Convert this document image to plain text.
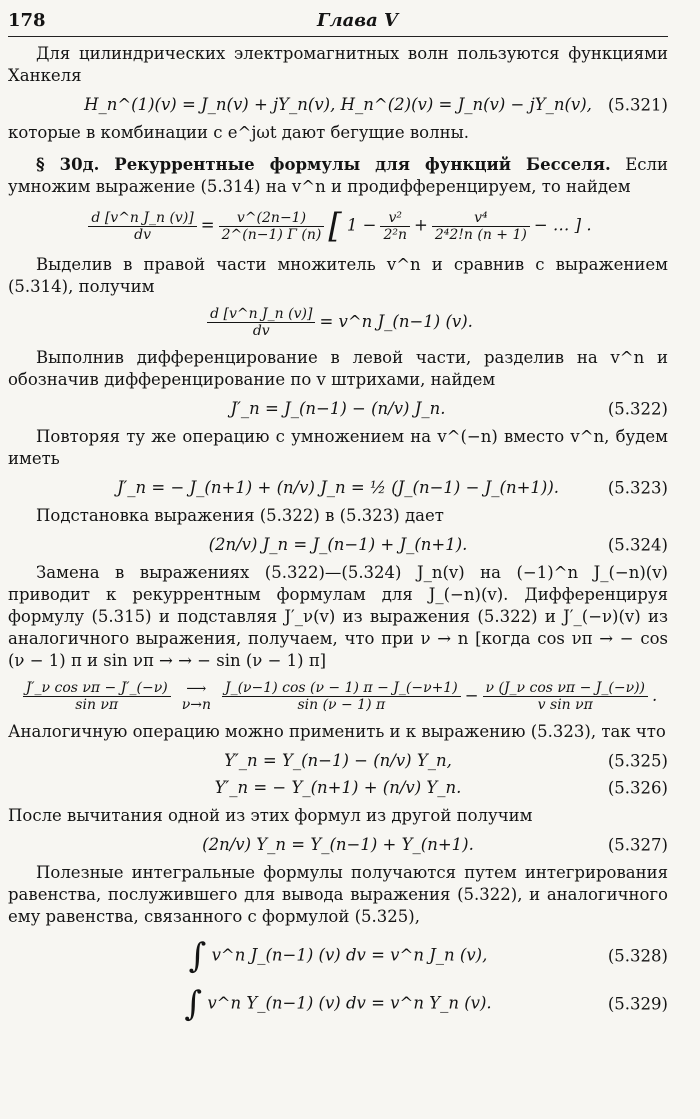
178	Глава V

Для цилиндрических электромагнитных волн пользуются функциями Ханкеля

H_n^(1)(v) = J_n(v) + jY_n(v), H_n^(2)(v) = J_n(v) − jY_n(v), (5.321)

которые в комбинации с e^jωt дают бегущие волны.

§ 30д. Рекуррентные формулы для функций Бесселя. Если умножим выражение (5.314) на v^n и продифференцируем, то найдем

$\frac{\text{d [v\textasciicircum{}n J\_n (v)]}}{dv} = \frac{v\^{}(2n-1)}{2\^{}(n-1) \Gamma (n)}$ [ $1 - \frac{\text{v²}}{\text{2²n}} + \frac{\text{v⁴}}{\text{2⁴2!n (n + 1)}}$ − … ] .

Выделив в правой части множитель v^n и сравнив с выражением (5.314), получим

$\frac{\text{d [v\textasciicircum{}n J\_n (v)]}}{dv}$ = v^n J_(n−1) (v).

Выполнив дифференцирование в левой части, разделив на v^n и обозначив дифференцирование по v штрихами, найдем

J′_n = J_(n−1) − (n/v) J_n.	(5.322)

Повторяя ту же операцию с умножением на v^(−n) вместо v^n, будем иметь

J′_n = − J_(n+1) + (n/v) J_n = ½ (J_(n−1) − J_(n+1)).	(5.323)

Подстановка выражения (5.322) в (5.323) дает

(2n/v) J_n = J_(n−1) + J_(n+1).	(5.324)

Замена в выражениях (5.322)—(5.324) J_n(v) на (−1)^n J_(−n)(v) приводит к рекуррентным формулам для J_(−n)(v). Дифференцируя формулу (5.315) и подставляя J′_ν(v) из выражения (5.322) и J′_(−ν)(v) из аналогичного выражения, получаем, что при ν → n [когда cos νπ → − cos (ν − 1) π и sin νπ → → − sin (ν − 1) π]

$\frac{\text{J′\_ν cos νπ − J′\_(−ν)}}{\text{sin νπ}}$	⟶
$\nu\to n \frac{J\_(\nu-1) \cos (\nu - 1) \pi - J\_(-\nu+1)}{\sin (\nu - 1) \pi} - \frac{\text{ν (J\_ν cos νπ − J\_(−ν))}}{\text{v sin νπ}}$ .

Аналогичную операцию можно применить и к выражению (5.323), так что

Y′_n = Y_(n−1) − (n/v) Y_n,	(5.325)
Y′_n = − Y_(n+1) + (n/v) Y_n.	(5.326)

После вычитания одной из этих формул из другой получим

(2n/v) Y_n = Y_(n−1) + Y_(n+1).	(5.327)

Полезные интегральные формулы получаются путем интегрирования равенства, послужившего для вывода выражения (5.322), и аналогичного ему равенства, связанного с формулой (5.325),

∫ v^n J_(n−1) (v) dv = v^n J_n (v),	(5.328)
∫ v^n Y_(n−1) (v) dv = v^n Y_n (v).	(5.329)
